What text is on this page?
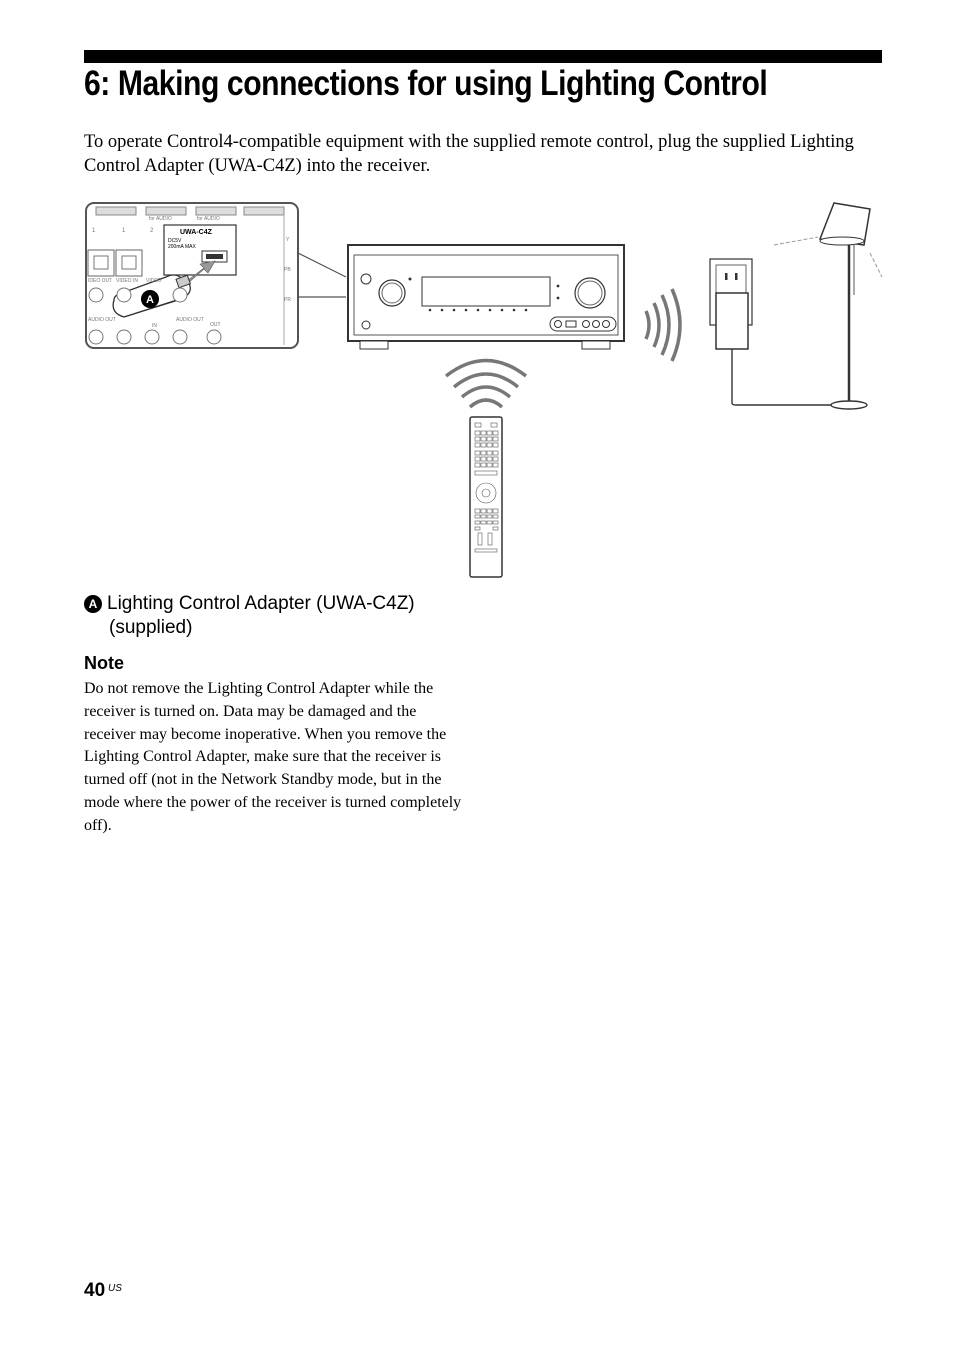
6: Making connections for using Lighting Control

To operate Control4-compatible equipment with the supplied remote control, plug the supplied Lighting Control Adapter (UWA-C4Z) into the receiver.

for AUDIO	for AUDIO
1	1	2	UWA-C4Z
DC5V
200mA MAX
A
IDEO OUT VIDEO IN VIDEO
AUDIO OUT
IN
AUDIO OUT
OUT
Y
PB
PR
A Lighting Control Adapter (UWA-C4Z)
(supplied)
Note

Do not remove the Lighting Control Adapter while the receiver is turned on. Data may be damaged and the receiver may become inoperative. When you remove the Lighting Control Adapter, make sure that the receiver is turned off (not in the Network Standby mode, but in the mode where the power of the receiver is turned completely off).

40 US
